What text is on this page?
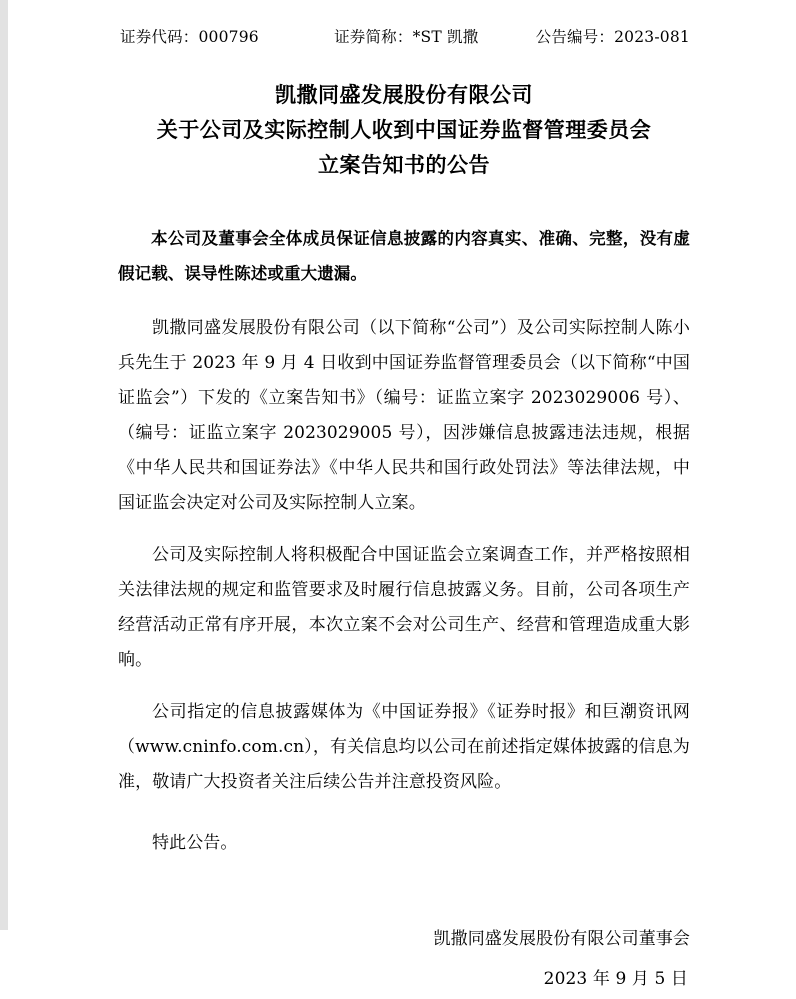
证券代码：000796	证券简称：*ST 凯撒	公告编号：2023-081
凯撒同盛发展股份有限公司
关于公司及实际控制人收到中国证券监督管理委员会
立案告知书的公告

本公司及董事会全体成员保证信息披露的内容真实、准确、完整，没有虚假记载、误导性陈述或重大遗漏。

凯撒同盛发展股份有限公司（以下简称“公司”）及公司实际控制人陈小兵先生于 2023 年 9 月 4 日收到中国证券监督管理委员会（以下简称“中国证监会”）下发的《立案告知书》（编号：证监立案字 2023029006 号）、（编号：证监立案字 2023029005 号），因涉嫌信息披露违法违规，根据《中华人民共和国证券法》《中华人民共和国行政处罚法》等法律法规，中国证监会决定对公司及实际控制人立案。

公司及实际控制人将积极配合中国证监会立案调查工作，并严格按照相关法律法规的规定和监管要求及时履行信息披露义务。目前，公司各项生产经营活动正常有序开展，本次立案不会对公司生产、经营和管理造成重大影响。

公司指定的信息披露媒体为《中国证券报》《证券时报》和巨潮资讯网（www.cninfo.com.cn），有关信息均以公司在前述指定媒体披露的信息为准，敬请广大投资者关注后续公告并注意投资风险。

特此公告。

凯撒同盛发展股份有限公司董事会
2023 年 9 月 5 日
